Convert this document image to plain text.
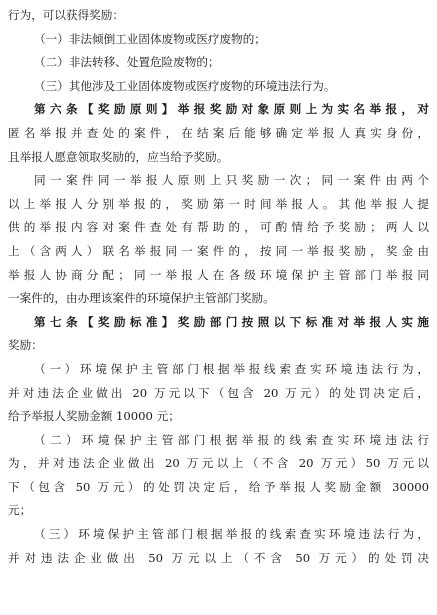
行为，可以获得奖励：
（一）非法倾倒工业固体废物或医疗废物的；
（二）非法转移、处置危险废物的；
（三）其他涉及工业固体废物或医疗废物的环境违法行为。
第六条【奖励原则】举报奖励对象原则上为实名举报，对
匿名举报并查处的案件，在结案后能够确定举报人真实身份，
且举报人愿意领取奖励的，应当给予奖励。
同一案件同一举报人原则上只奖励一次；同一案件由两个
以上举报人分别举报的，奖励第一时间举报人。其他举报人提
供的举报内容对案件查处有帮助的，可酌情给予奖励；两人以
上（含两人）联名举报同一案件的，按同一举报奖励，奖金由
举报人协商分配；同一举报人在各级环境保护主管部门举报同
一案件的，由办理该案件的环境保护主管部门奖励。
第七条【奖励标准】奖励部门按照以下标准对举报人实施
奖励：
（一）环境保护主管部门根据举报线索查实环境违法行为，
并对违法企业做出 20 万元以下（包含 20 万元）的处罚决定后，
给予举报人奖励金额 10000 元；
（二）环境保护主管部门根据举报的线索查实环境违法行
为，并对违法企业做出 20 万元以上（不含 20 万元）50 万元以
下（包含 50 万元）的处罚决定后，给予举报人奖励金额 30000
元；
（三）环境保护主管部门根据举报的线索查实环境违法行为，
并对违法企业做出 50 万元以上（不含 50 万元）的处罚决
